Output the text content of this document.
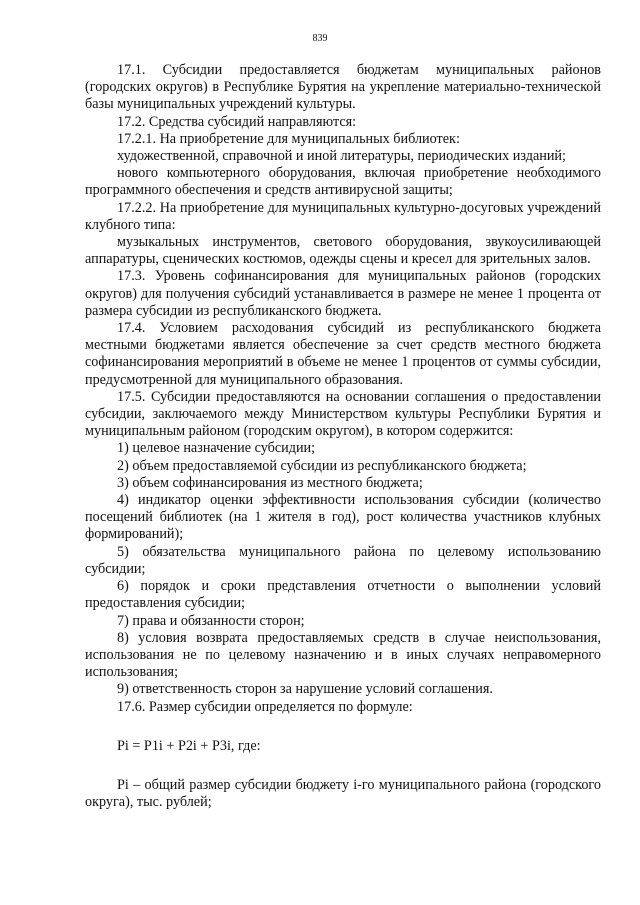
839

17.1. Субсидии предоставляется бюджетам муниципальных районов (городских округов) в Республике Бурятия на укрепление материально-технической базы муниципальных учреждений культуры.

17.2. Средства субсидий направляются:

17.2.1. На приобретение для муниципальных библиотек:

художественной, справочной и иной литературы, периодических изданий;

нового компьютерного оборудования, включая приобретение необходимого программного обеспечения и средств антивирусной защиты;

17.2.2. На приобретение для муниципальных культурно-досуговых учреждений клубного типа:

музыкальных инструментов, светового оборудования, звукоусиливающей аппаратуры, сценических костюмов, одежды сцены и кресел для зрительных залов.

17.3. Уровень софинансирования для муниципальных районов (городских округов) для получения субсидий устанавливается в размере не менее 1 процента от размера субсидии из республиканского бюджета.

17.4. Условием расходования субсидий из республиканского бюджета местными бюджетами является обеспечение за счет средств местного бюджета софинансирования мероприятий в объеме не менее 1 процентов от суммы субсидии, предусмотренной для муниципального образования.

17.5. Субсидии предоставляются на основании соглашения о предоставлении субсидии, заключаемого между Министерством культуры Республики Бурятия и муниципальным районом (городским округом), в котором содержится:

1) целевое назначение субсидии;

2) объем предоставляемой субсидии из республиканского бюджета;

3) объем софинансирования из местного бюджета;

4) индикатор оценки эффективности использования субсидии (количество посещений библиотек (на 1 жителя в год), рост количества участников клубных формирований);

5) обязательства муниципального района по целевому использованию субсидии;

6) порядок и сроки представления отчетности о выполнении условий предоставления субсидии;

7) права и обязанности сторон;

8) условия возврата предоставляемых средств в случае неиспользования, использования не по целевому назначению и в иных случаях неправомерного использования;

9) ответственность сторон за нарушение условий соглашения.

17.6. Размер субсидии определяется по формуле:

Pi = P1i + P2i + P3i, где:

Pi – общий размер субсидии бюджету i-го муниципального района (городского округа), тыс. рублей;
